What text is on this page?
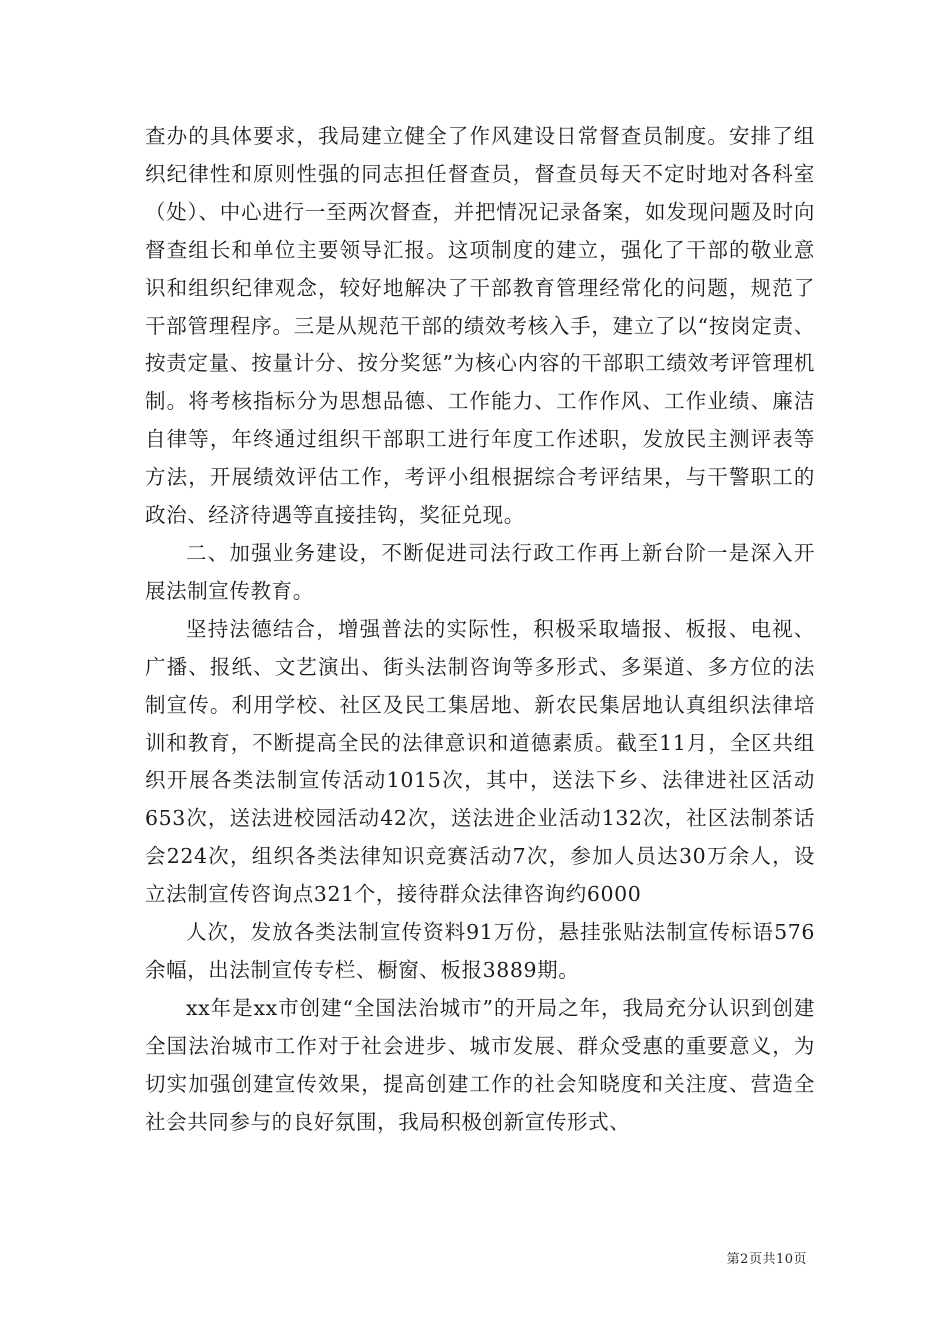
查办的具体要求，我局建立健全了作风建设日常督查员制度。安排了组织纪律性和原则性强的同志担任督查员，督查员每天不定时地对各科室（处）、中心进行一至两次督查，并把情况记录备案，如发现问题及时向督查组长和单位主要领导汇报。这项制度的建立，强化了干部的敬业意识和组织纪律观念，较好地解决了干部教育管理经常化的问题，规范了干部管理程序。三是从规范干部的绩效考核入手，建立了以“按岗定责、按责定量、按量计分、按分奖惩”为核心内容的干部职工绩效考评管理机制。将考核指标分为思想品德、工作能力、工作作风、工作业绩、廉洁自律等，年终通过组织干部职工进行年度工作述职，发放民主测评表等方法，开展绩效评估工作，考评小组根据综合考评结果，与干警职工的政治、经济待遇等直接挂钩，奖征兑现。

二、加强业务建设，不断促进司法行政工作再上新台阶一是深入开展法制宣传教育。

坚持法德结合，增强普法的实际性，积极采取墙报、板报、电视、广播、报纸、文艺演出、街头法制咨询等多形式、多渠道、多方位的法制宣传。利用学校、社区及民工集居地、新农民集居地认真组织法律培训和教育，不断提高全民的法律意识和道德素质。截至11月，全区共组织开展各类法制宣传活动1015次，其中，送法下乡、法律进社区活动653次，送法进校园活动42次，送法进企业活动132次，社区法制茶话会224次，组织各类法律知识竞赛活动7次，参加人员达30万余人，设立法制宣传咨询点321个，接待群众法律咨询约6000

人次，发放各类法制宣传资料91万份，悬挂张贴法制宣传标语576余幅，出法制宣传专栏、橱窗、板报3889期。

xx年是xx市创建“全国法治城市”的开局之年，我局充分认识到创建全国法治城市工作对于社会进步、城市发展、群众受惠的重要意义，为切实加强创建宣传效果，提高创建工作的社会知晓度和关注度、营造全社会共同参与的良好氛围，我局积极创新宣传形式、

第2页共10页
